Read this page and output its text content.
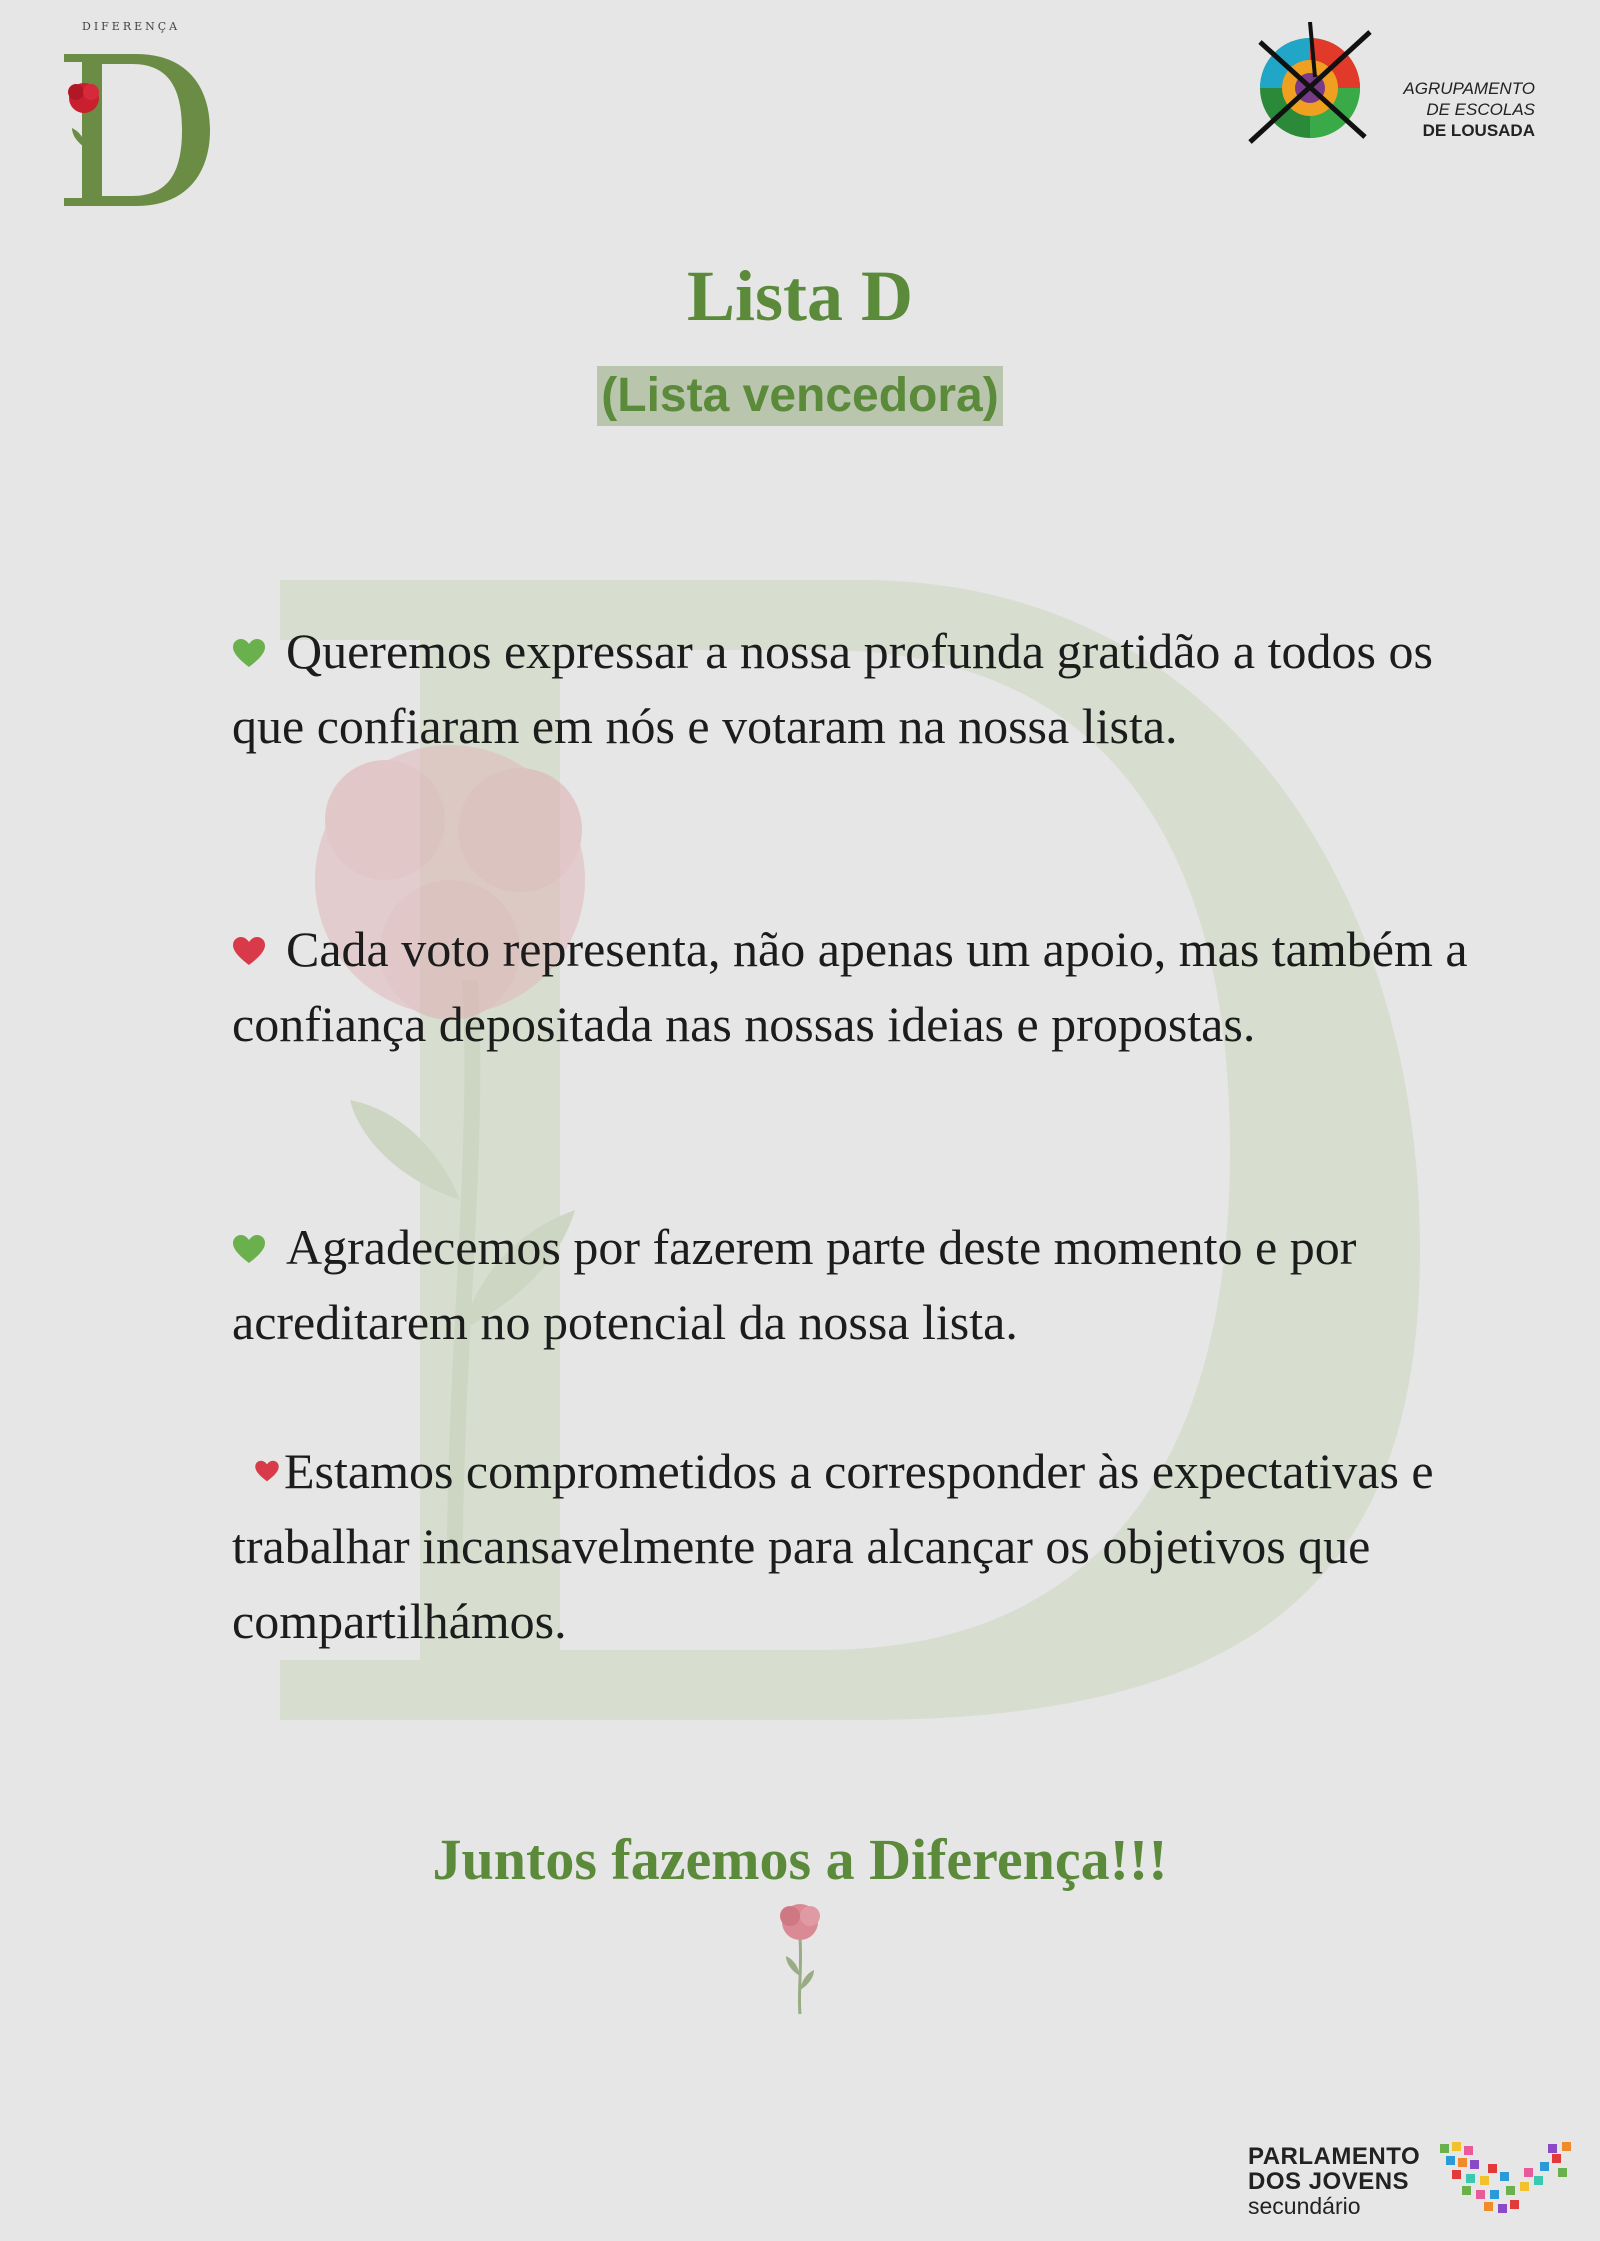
DIFERENÇA
AGRUPAMENTO
DE ESCOLAS
DE LOUSADA
Lista D
(Lista vencedora)

Queremos expressar a nossa profunda gratidão a todos os que confiaram em nós e votaram na nossa lista.

Cada voto representa, não apenas um apoio, mas também a confiança depositada nas nossas ideias e propostas.

Agradecemos por fazerem parte deste momento e por acreditarem no potencial da nossa lista.

Estamos comprometidos a corresponder às expectativas e trabalhar incansavelmente para alcançar os objetivos que compartilhámos.

Juntos fazemos a Diferença!!!

PARLAMENTO
DOS JOVENS
secundário
